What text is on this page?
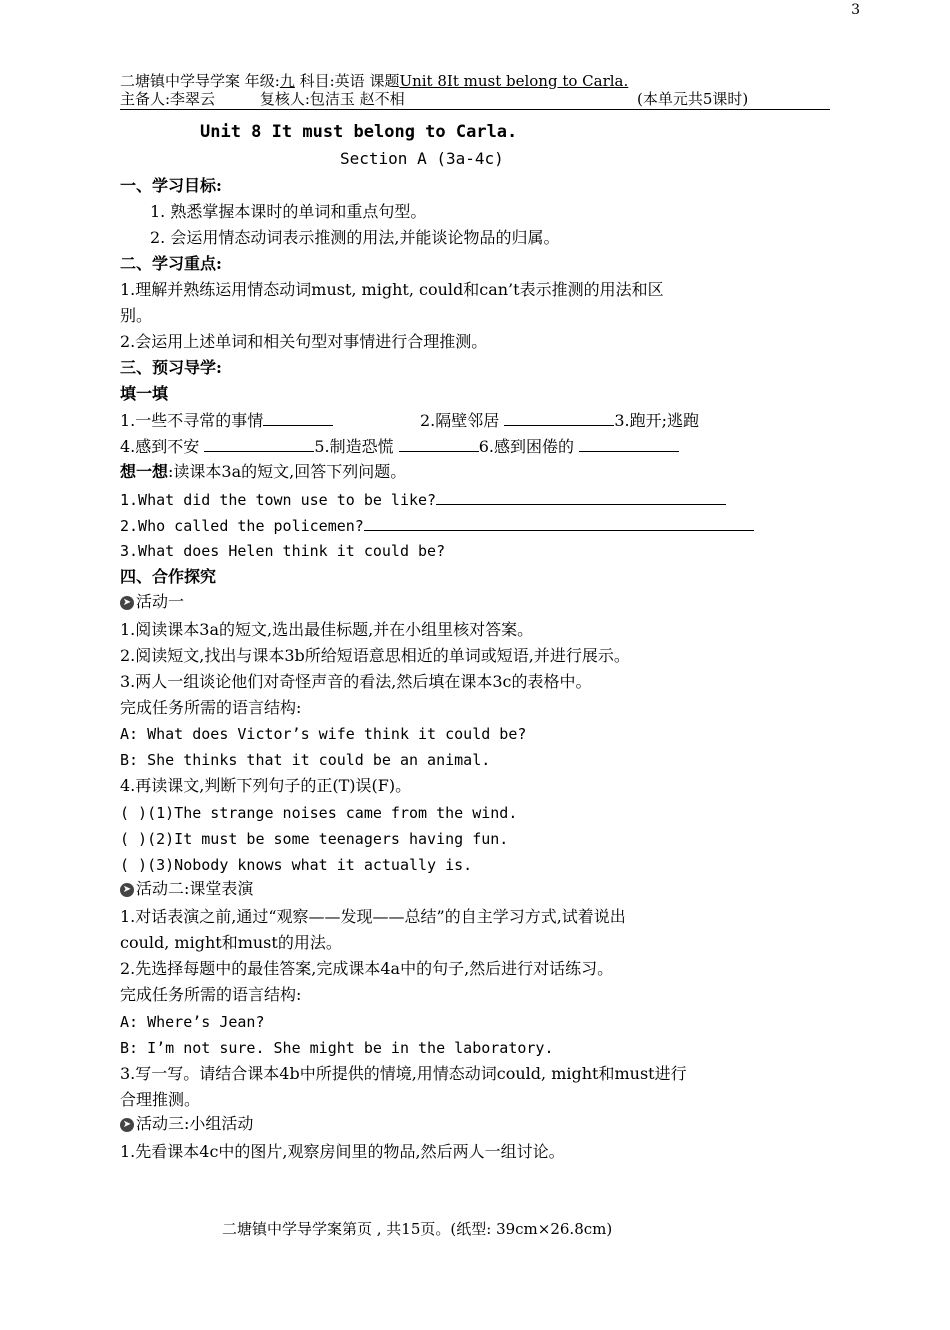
3
二塘镇中学导学案 年级:九 科目:英语 课题Unit 8It must belong to Carla.
主备人:李翠云	复核人:包洁玉 赵不相	(本单元共5课时)
Unit 8 It must belong to Carla.
Section A (3a-4c)
一、学习目标:
1. 熟悉掌握本课时的单词和重点句型。
2. 会运用情态动词表示推测的用法,并能谈论物品的归属。
二、学习重点:
1.理解并熟练运用情态动词must, might, could和can’t表示推测的用法和区
别。
2.会运用上述单词和相关句型对事情进行合理推测。
三、预习导学:
填一填
1.一些不寻常的事情	2.隔壁邻居	3.跑开;逃跑
4.感到不安	5.制造恐慌	6.感到困倦的
想一想:读课本3a的短文,回答下列问题。
1.What did the town use to be like?
2.Who called the policemen?
3.What does Helen think it could be?
四、合作探究
➤ 活动一
1.阅读课本3a的短文,选出最佳标题,并在小组里核对答案。
2.阅读短文,找出与课本3b所给短语意思相近的单词或短语,并进行展示。
3.两人一组谈论他们对奇怪声音的看法,然后填在课本3c的表格中。
完成任务所需的语言结构:
A: What does Victor’s wife think it could be?
B: She thinks that it could be an animal.
4.再读课文,判断下列句子的正(T)误(F)。
( )(1)The strange noises came from the wind.
( )(2)It must be some teenagers having fun.
( )(3)Nobody knows what it actually is.
➤ 活动二:课堂表演
1.对话表演之前,通过“观察——发现——总结”的自主学习方式,试着说出
could, might和must的用法。
2.先选择每题中的最佳答案,完成课本4a中的句子,然后进行对话练习。
完成任务所需的语言结构:
A: Where’s Jean?
B: I’m not sure. She might be in the laboratory.
3.写一写。请结合课本4b中所提供的情境,用情态动词could, might和must进行
合理推测。
➤ 活动三:小组活动
1.先看课本4c中的图片,观察房间里的物品,然后两人一组讨论。
二塘镇中学导学案第页 , 共15页。(纸型: 39cm×26.8cm)
